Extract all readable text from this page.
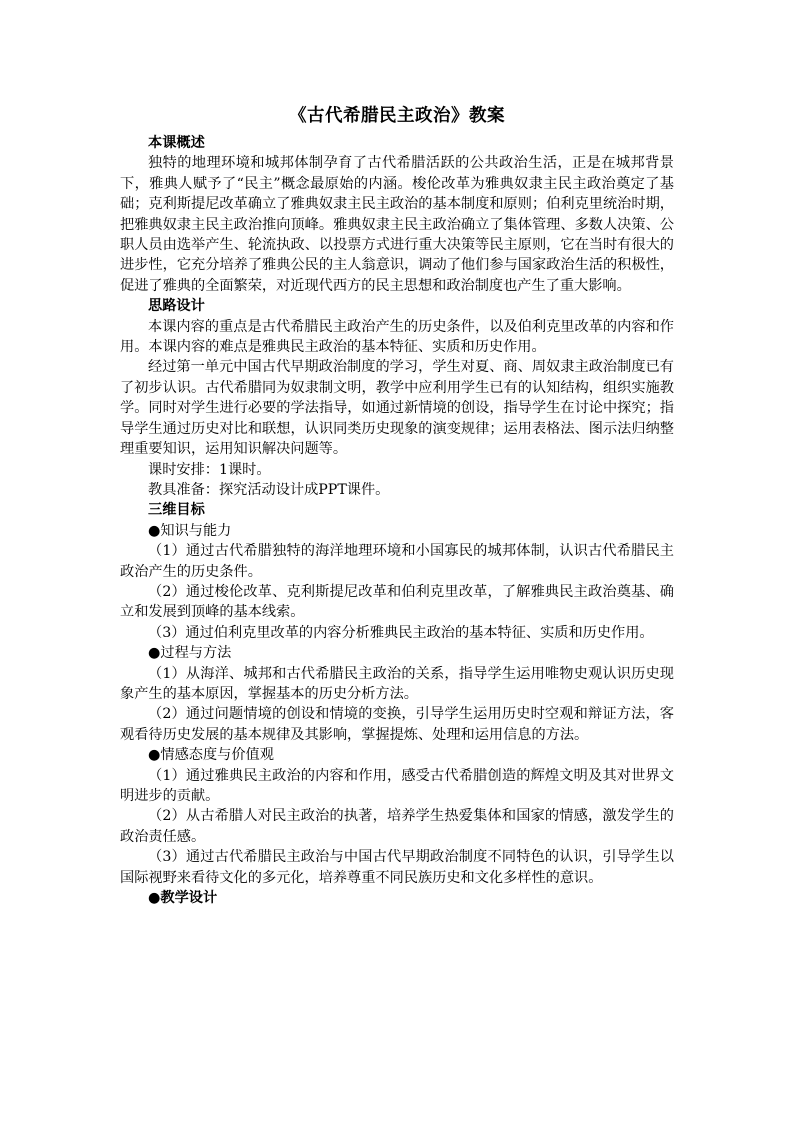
《古代希腊民主政治》教案
本课概述

独特的地理环境和城邦体制孕育了古代希腊活跃的公共政治生活，正是在城邦背景下，雅典人赋予了“民主”概念最原始的内涵。梭伦改革为雅典奴隶主民主政治奠定了基础；克利斯提尼改革确立了雅典奴隶主民主政治的基本制度和原则；伯利克里统治时期，把雅典奴隶主民主政治推向顶峰。雅典奴隶主民主政治确立了集体管理、多数人决策、公职人员由选举产生、轮流执政、以投票方式进行重大决策等民主原则，它在当时有很大的进步性，它充分培养了雅典公民的主人翁意识，调动了他们参与国家政治生活的积极性，促进了雅典的全面繁荣，对近现代西方的民主思想和政治制度也产生了重大影响。

思路设计

本课内容的重点是古代希腊民主政治产生的历史条件，以及伯利克里改革的内容和作用。本课内容的难点是雅典民主政治的基本特征、实质和历史作用。

经过第一单元中国古代早期政治制度的学习，学生对夏、商、周奴隶主政治制度已有了初步认识。古代希腊同为奴隶制文明，教学中应利用学生已有的认知结构，组织实施教学。同时对学生进行必要的学法指导，如通过新情境的创设，指导学生在讨论中探究；指导学生通过历史对比和联想，认识同类历史现象的演变规律；运用表格法、图示法归纳整理重要知识，运用知识解决问题等。

课时安排：1课时。

教具准备：探究活动设计成PPT课件。

三维目标
●知识与能力

（1）通过古代希腊独特的海洋地理环境和小国寡民的城邦体制，认识古代希腊民主政治产生的历史条件。

（2）通过梭伦改革、克利斯提尼改革和伯利克里改革，了解雅典民主政治奠基、确立和发展到顶峰的基本线索。

（3）通过伯利克里改革的内容分析雅典民主政治的基本特征、实质和历史作用。

●过程与方法

（1）从海洋、城邦和古代希腊民主政治的关系，指导学生运用唯物史观认识历史现象产生的基本原因，掌握基本的历史分析方法。

（2）通过问题情境的创设和情境的变换，引导学生运用历史时空观和辩证方法，客观看待历史发展的基本规律及其影响，掌握提炼、处理和运用信息的方法。

●情感态度与价值观

（1）通过雅典民主政治的内容和作用，感受古代希腊创造的辉煌文明及其对世界文明进步的贡献。

（2）从古希腊人对民主政治的执著，培养学生热爱集体和国家的情感，激发学生的政治责任感。

（3）通过古代希腊民主政治与中国古代早期政治制度不同特色的认识，引导学生以国际视野来看待文化的多元化，培养尊重不同民族历史和文化多样性的意识。

●教学设计
